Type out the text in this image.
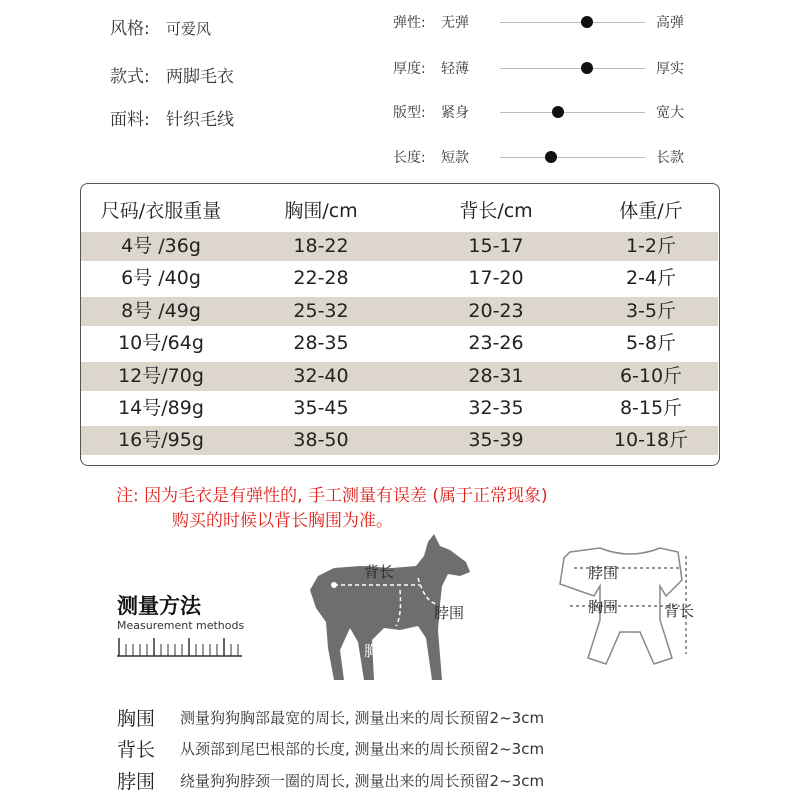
风格: 可爱风
款式: 两脚毛衣
面料: 针织毛线
弹性: 无弹	高弹
厚度: 轻薄	厚实
版型: 紧身	宽大
长度: 短款	长款
尺码/衣服重量	胸围/cm	背长/cm	体重/斤
4号 /36g	18-22	15-17	1-2斤
6号 /40g	22-28	17-20	2-4斤
8号 /49g	25-32	20-23	3-5斤
10号/64g	28-35	23-26	5-8斤
12号/70g	32-40	28-31	6-10斤
14号/89g	35-45	32-35	8-15斤
16号/95g	38-50	35-39	10-18斤
注: 因为毛衣是有弹性的, 手工测量有误差 (属于正常现象)
购买的时候以背长胸围为准。
测量方法
Measurement methods
背长
脖围
胸围
脖围
胸围	背长
胸围 测量狗狗胸部最宽的周长, 测量出来的周长预留2~3cm
背长 从颈部到尾巴根部的长度, 测量出来的周长预留2~3cm
脖围 绕量狗狗脖颈一圈的周长, 测量出来的周长预留2~3cm
